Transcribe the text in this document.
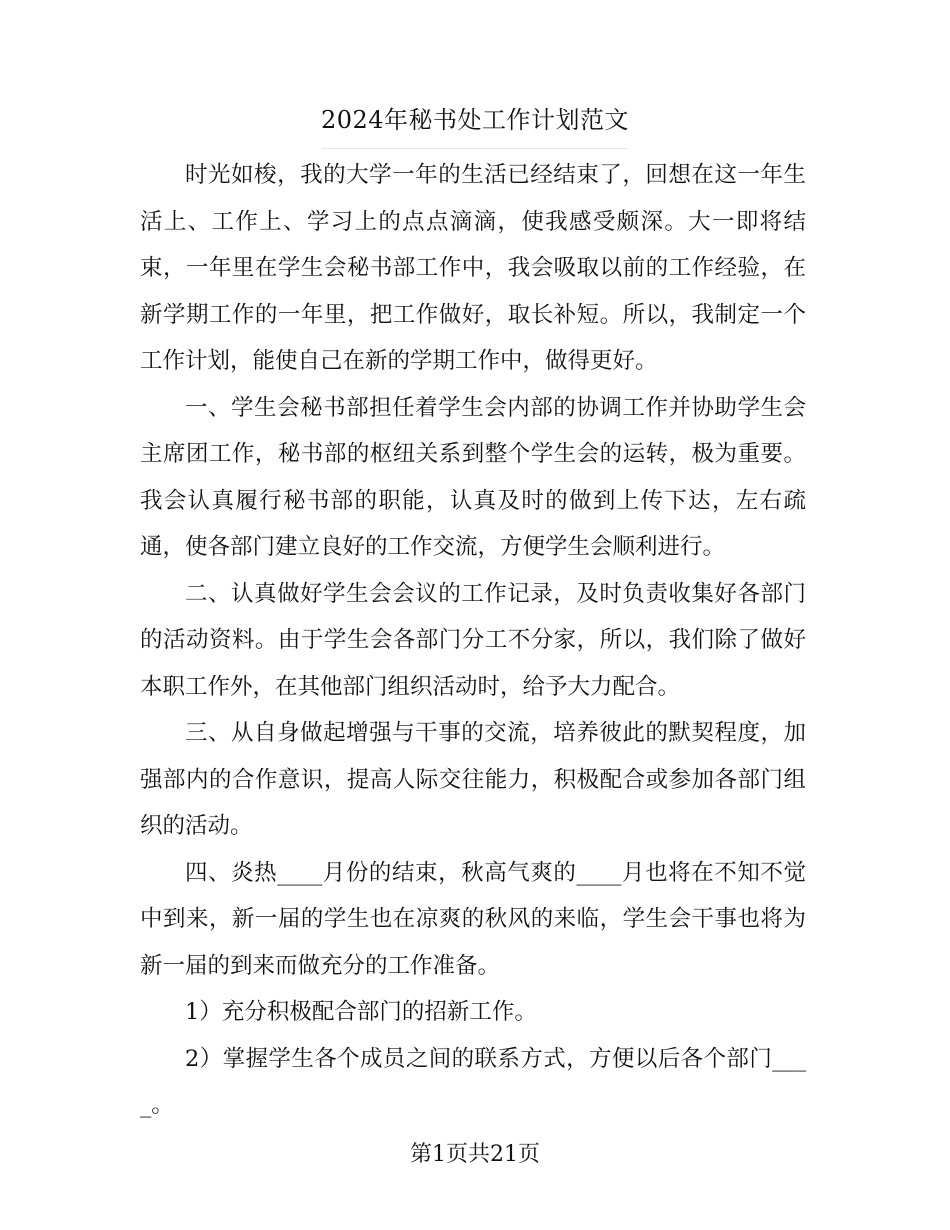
2024年秘书处工作计划范文

时光如梭，我的大学一年的生活已经结束了，回想在这一年生活上、工作上、学习上的点点滴滴，使我感受颇深。大一即将结束，一年里在学生会秘书部工作中，我会吸取以前的工作经验，在新学期工作的一年里，把工作做好，取长补短。所以，我制定一个工作计划，能使自己在新的学期工作中，做得更好。

一、学生会秘书部担任着学生会内部的协调工作并协助学生会主席团工作，秘书部的枢纽关系到整个学生会的运转，极为重要。我会认真履行秘书部的职能，认真及时的做到上传下达，左右疏通，使各部门建立良好的工作交流，方便学生会顺利进行。

二、认真做好学生会会议的工作记录，及时负责收集好各部门的活动资料。由于学生会各部门分工不分家，所以，我们除了做好本职工作外，在其他部门组织活动时，给予大力配合。

三、从自身做起增强与干事的交流，培养彼此的默契程度，加强部内的合作意识，提高人际交往能力，积极配合或参加各部门组织的活动。

四、炎热____月份的结束，秋高气爽的____月也将在不知不觉中到来，新一届的学生也在凉爽的秋风的来临，学生会干事也将为新一届的到来而做充分的工作准备。

1）充分积极配合部门的招新工作。

2）掌握学生各个成员之间的联系方式，方便以后各个部门____。

第1页共21页
